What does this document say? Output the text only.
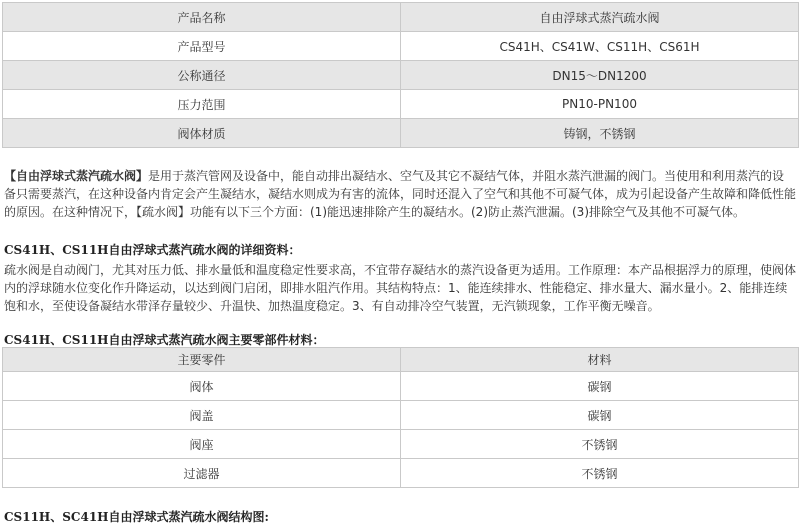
产品名称	自由浮球式蒸汽疏水阀
产品型号	CS41H、CS41W、CS11H、CS61H
公称通径	DN15～DN1200
压力范围	PN10-PN100
阀体材质	铸钢，不锈钢

【自由浮球式蒸汽疏水阀】是用于蒸汽管网及设备中，能自动排出凝结水、空气及其它不凝结气体，并阻水蒸汽泄漏的阀门。当使用和利用蒸汽的设备只需要蒸汽，在这种设备内肯定会产生凝结水，凝结水则成为有害的流体，同时还混入了空气和其他不可凝气体，成为引起设备产生故障和降低性能的原因。在这种情况下，【疏水阀】功能有以下三个方面：(1)能迅速排除产生的凝结水。(2)防止蒸汽泄漏。(3)排除空气及其他不可凝气体。

CS41H、CS11H自由浮球式蒸汽疏水阀的详细资料：

疏水阀是自动阀门，尤其对压力低、排水量低和温度稳定性要求高，不宜带存凝结水的蒸汽设备更为适用。工作原理：本产品根据浮力的原理，使阀体内的浮球随水位变化作升降运动，以达到阀门启闭，即排水阻汽作用。其结构特点：1、能连续排水、性能稳定、排水量大、漏水量小。2、能排连续饱和水，至使设备凝结水带泽存量较少、升温快、加热温度稳定。3、有自动排冷空气装置，无汽锁现象，工作平衡无噪音。

CS41H、CS11H自由浮球式蒸汽疏水阀主要零部件材料：
主要零件	材料
阀体	碳钢
阀盖	碳钢
阀座	不锈钢
过滤器	不锈钢
CS11H、SC41H自由浮球式蒸汽疏水阀结构图:
